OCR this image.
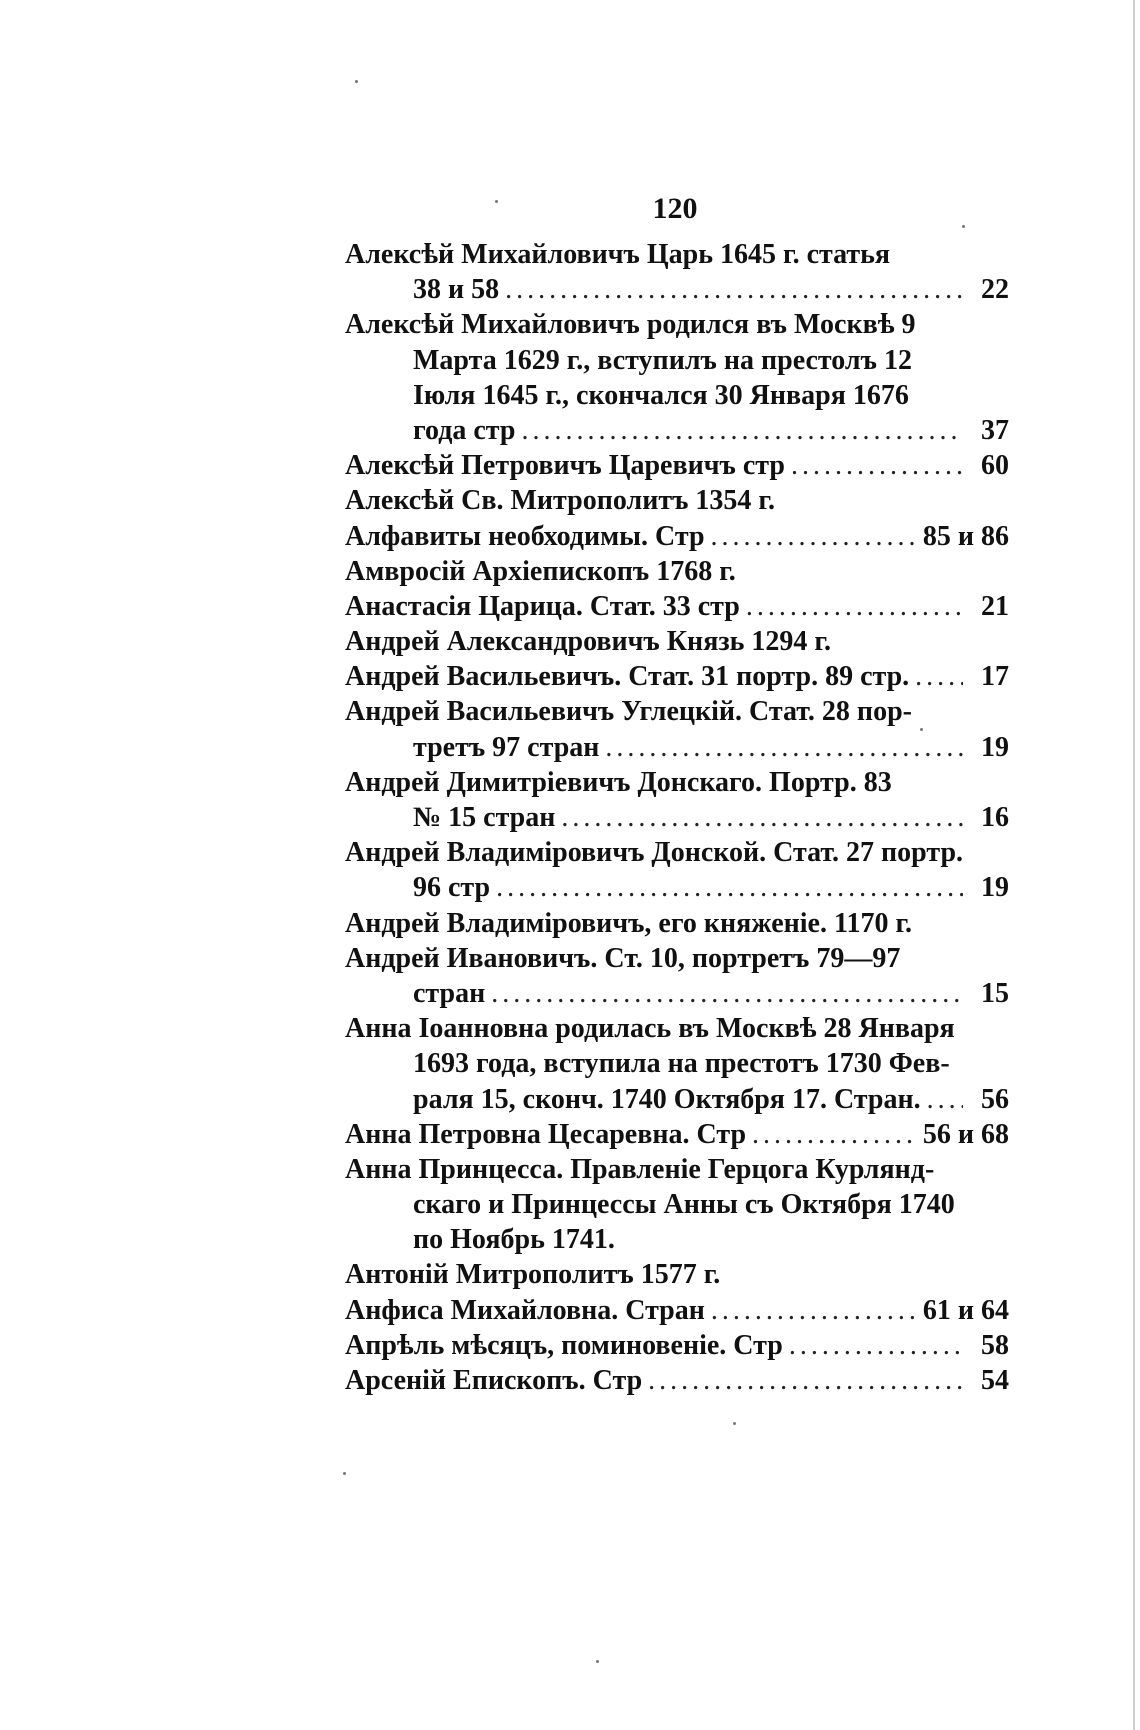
120
Алексѣй Михайловичъ Царь 1645 г. статья
38 и 58 .....	22
Алексѣй Михайловичъ родился въ Москвѣ 9
Марта 1629 г., вступилъ на престолъ 12
Іюля 1645 г., скончался 30 Января 1676
года стр .....	37
Алексѣй Петровичъ Царевичъ стр .....	60
Алексѣй Св. Митрополитъ 1354 г.
Алфавиты необходимы. Стр .....	85 и 86
Амвросій Архіепископъ 1768 г.
Анастасія Царица. Стат. 33 стр .....	21
Андрей Александровичъ Князь 1294 г.
Андрей Васильевичъ. Стат. 31 портр. 89 стр. .....	17
Андрей Васильевичъ Углецкій. Стат. 28 пор-
третъ 97 стран .....	19
Андрей Димитріевичъ Донскаго. Портр. 83
№ 15 стран .....	16
Андрей Владиміровичъ Донской. Стат. 27 портр.
96 стр .....	19
Андрей Владиміровичъ, его княженіе. 1170 г.
Андрей Ивановичъ. Ст. 10, портретъ 79—97
стран .....	15
Анна Іоанновна родилась въ Москвѣ 28 Января
1693 года, вступила на престотъ 1730 Фев-
раля 15, сконч. 1740 Октября 17. Стран. .....	56
Анна Петровна Цесаревна. Стр .....	56 и 68
Анна Принцесса. Правленіе Герцога Курлянд-
скаго и Принцессы Анны съ Октября 1740
по Ноябрь 1741.
Антоній Митрополитъ 1577 г.
Анфиса Михайловна. Стран .....	61 и 64
Апрѣль мѣсяцъ, поминовеніе. Стр .....	58
Арсеній Епископъ. Стр .....	54
